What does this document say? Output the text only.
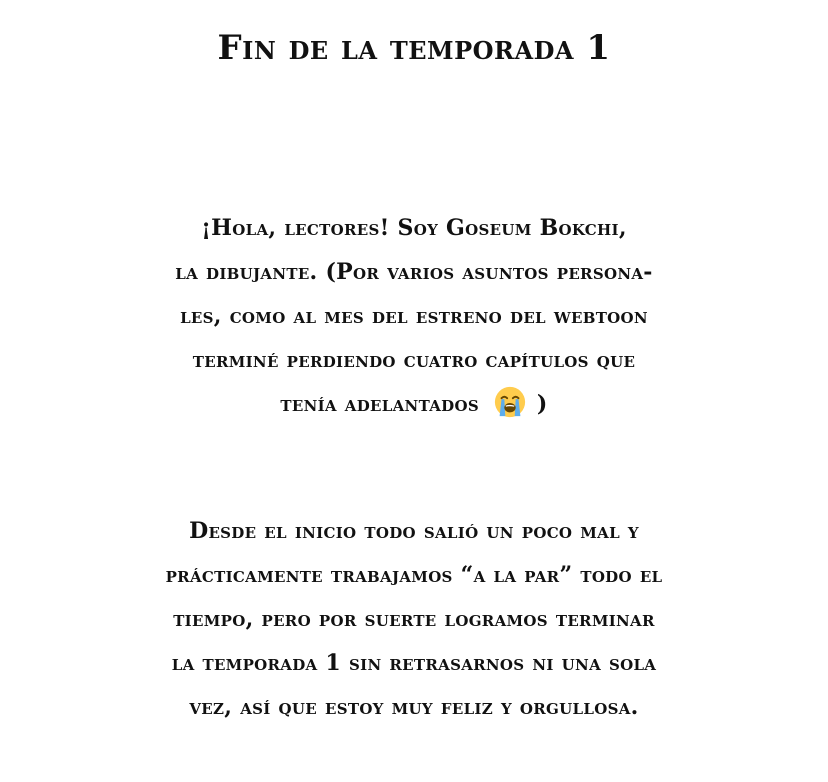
Fin de la temporada 1
¡Hola, lectores! Soy Goseum Bokchi,
la dibujante. (Por varios asuntos persona-
les, como al mes del estreno del webtoon
terminé perdiendo cuatro capítulos que
tenía adelantados	)
Desde el inicio todo salió un poco mal y
prácticamente trabajamos “a la par” todo el
tiempo, pero por suerte logramos terminar
la temporada 1 sin retrasarnos ni una sola
vez, así que estoy muy feliz y orgullosa.
